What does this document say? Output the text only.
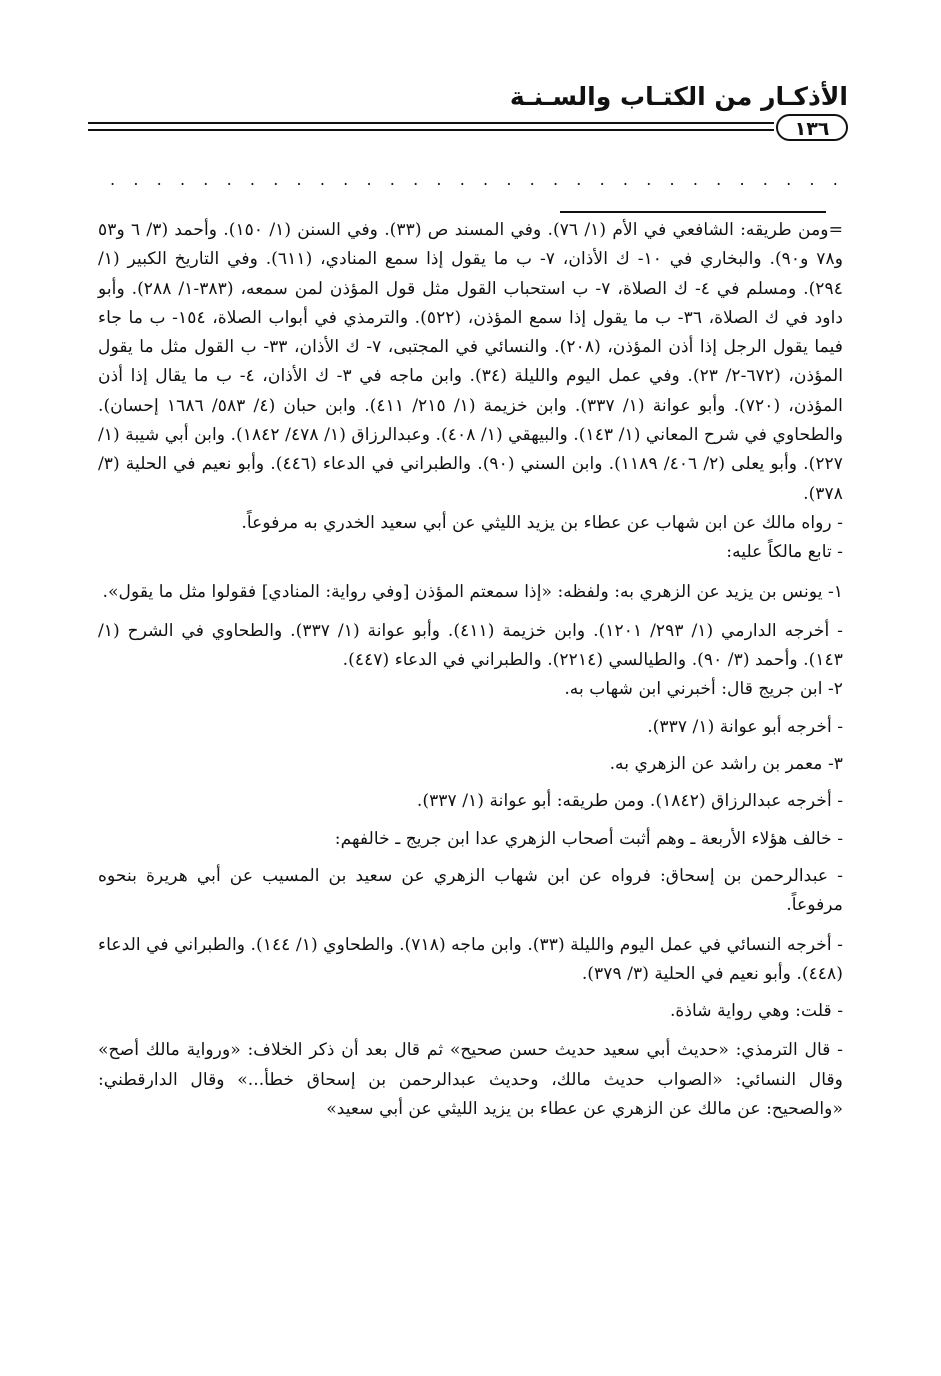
الأذكـار من الكتـاب والسـنـة
١٣٦
. . . . . . . . . . . . . . . . . . . . . . . . . . . . . . . .

=ومن طريقه: الشافعي في الأم (١/ ٧٦). وفي المسند ص (٣٣). وفي السنن (١/ ١٥٠). وأحمد (٣/ ٦ و٥٣ و٧٨ و٩٠). والبخاري في ١٠- ك الأذان، ٧- ب ما يقول إذا سمع المنادي، (٦١١). وفي التاريخ الكبير (١/ ٢٩٤). ومسلم في ٤- ك الصلاة، ٧- ب استحباب القول مثل قول المؤذن لمن سمعه، (٣٨٣-١/ ٢٨٨). وأبو داود في ك الصلاة، ٣٦- ب ما يقول إذا سمع المؤذن، (٥٢٢). والترمذي في أبواب الصلاة، ١٥٤- ب ما جاء فيما يقول الرجل إذا أذن المؤذن، (٢٠٨). والنسائي في المجتبى، ٧- ك الأذان، ٣٣- ب القول مثل ما يقول المؤذن، (٦٧٢-٢/ ٢٣). وفي عمل اليوم والليلة (٣٤). وابن ماجه في ٣- ك الأذان، ٤- ب ما يقال إذا أذن المؤذن، (٧٢٠). وأبو عوانة (١/ ٣٣٧). وابن خزيمة (١/ ٢١٥/ ٤١١). وابن حبان (٤/ ٥٨٣/ ١٦٨٦ إحسان). والطحاوي في شرح المعاني (١/ ١٤٣). والبيهقي (١/ ٤٠٨). وعبدالرزاق (١/ ٤٧٨/ ١٨٤٢). وابن أبي شيبة (١/ ٢٢٧). وأبو يعلى (٢/ ٤٠٦/ ١١٨٩). وابن السني (٩٠). والطبراني في الدعاء (٤٤٦). وأبو نعيم في الحلية (٣/ ٣٧٨).

- رواه مالك عن ابن شهاب عن عطاء بن يزيد الليثي عن أبي سعيد الخدري به مرفوعاً.

- تابع مالكاً عليه:

١- يونس بن يزيد عن الزهري به: ولفظه: «إذا سمعتم المؤذن [وفي رواية: المنادي] فقولوا مثل ما يقول».

- أخرجه الدارمي (١/ ٢٩٣/ ١٢٠١). وابن خزيمة (٤١١). وأبو عوانة (١/ ٣٣٧). والطحاوي في الشرح (١/ ١٤٣). وأحمد (٣/ ٩٠). والطيالسي (٢٢١٤). والطبراني في الدعاء (٤٤٧).

٢- ابن جريج قال: أخبرني ابن شهاب به.

- أخرجه أبو عوانة (١/ ٣٣٧).

٣- معمر بن راشد عن الزهري به.

- أخرجه عبدالرزاق (١٨٤٢). ومن طريقه: أبو عوانة (١/ ٣٣٧).

- خالف هؤلاء الأربعة ـ وهم أثبت أصحاب الزهري عدا ابن جريج ـ خالفهم:

- عبدالرحمن بن إسحاق: فرواه عن ابن شهاب الزهري عن سعيد بن المسيب عن أبي هريرة بنحوه مرفوعاً.

- أخرجه النسائي في عمل اليوم والليلة (٣٣). وابن ماجه (٧١٨). والطحاوي (١/ ١٤٤). والطبراني في الدعاء (٤٤٨). وأبو نعيم في الحلية (٣/ ٣٧٩).

- قلت: وهي رواية شاذة.

- قال الترمذي: «حديث أبي سعيد حديث حسن صحيح» ثم قال بعد أن ذكر الخلاف: «ورواية مالك أصح» وقال النسائي: «الصواب حديث مالك، وحديث عبدالرحمن بن إسحاق خطأ...» وقال الدارقطني: «والصحيح: عن مالك عن الزهري عن عطاء بن يزيد الليثي عن أبي سعيد»
